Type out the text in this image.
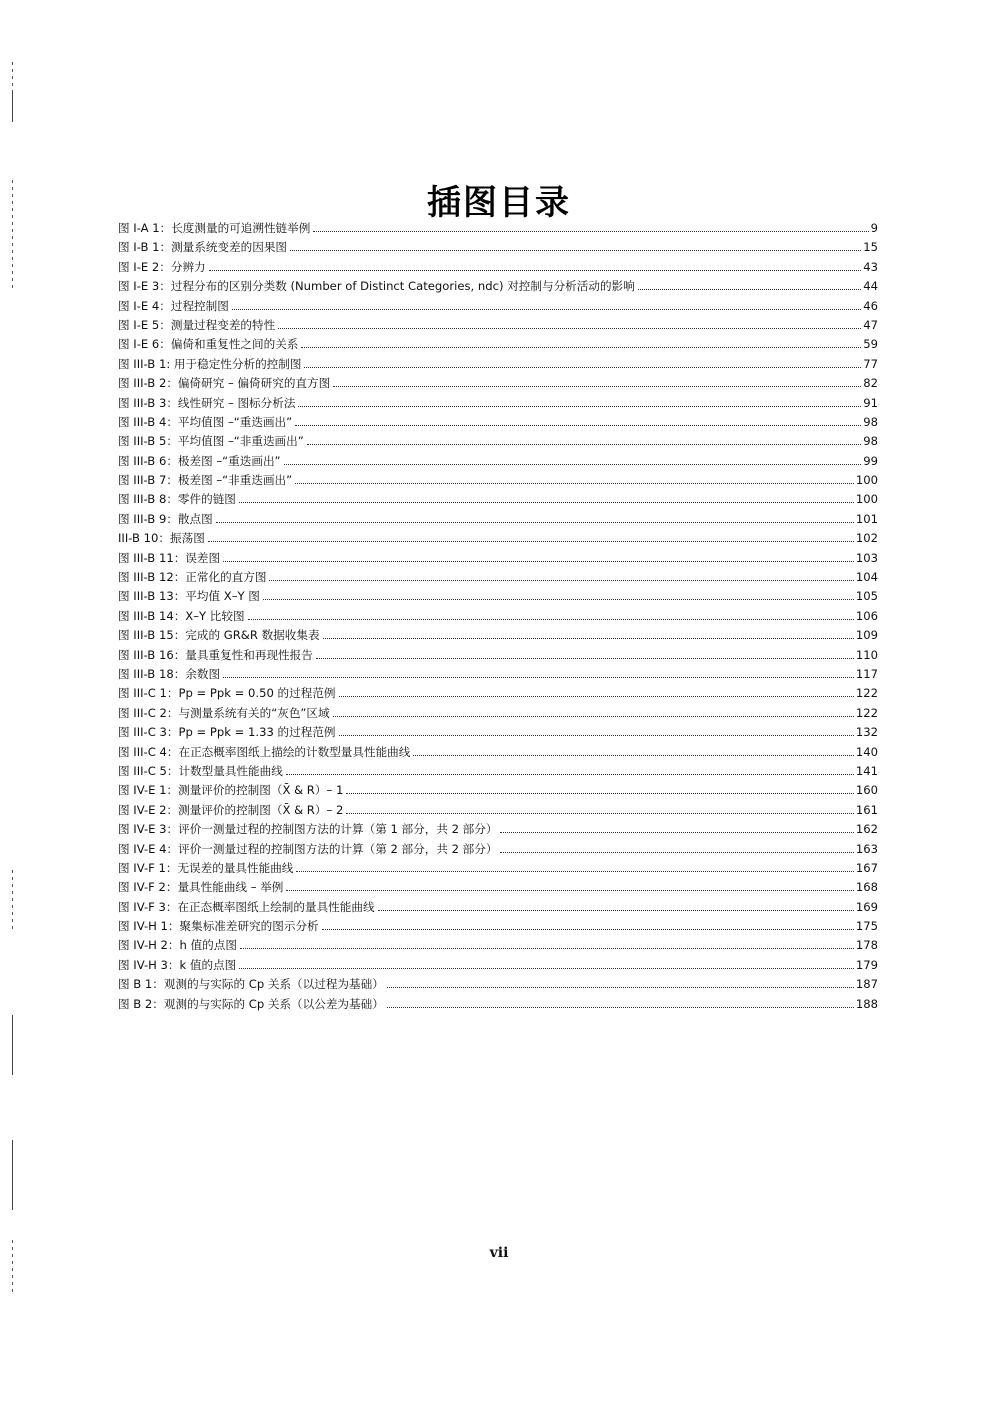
插图目录
图 I-A 1：长度测量的可追溯性链举例	9
图 I-B 1：测量系统变差的因果图	15
图 I-E 2：分辨力	43
图 I-E 3：过程分布的区别分类数 (Number of Distinct Categories, ndc) 对控制与分析活动的影响	44
图 I-E 4：过程控制图	46
图 I-E 5：测量过程变差的特性	47
图 I-E 6：偏倚和重复性之间的关系	59
图 III-B 1: 用于稳定性分析的控制图	77
图 III-B 2：偏倚研究 – 偏倚研究的直方图	82
图 III-B 3：线性研究 – 图标分析法	91
图 III-B 4：平均值图 –“重迭画出”	98
图 III-B 5：平均值图 –“非重迭画出”	98
图 III-B 6：极差图 –“重迭画出”	99
图 III-B 7：极差图 –“非重迭画出”	100
图 III-B 8：零件的链图	100
图 III-B 9：散点图	101
III-B 10：振荡图	102
图 III-B 11：误差图	103
图 III-B 12：正常化的直方图	104
图 III-B 13：平均值 X–Y 图	105
图 III-B 14：X–Y 比较图	106
图 III-B 15：完成的 GR&R 数据收集表	109
图 III-B 16：量具重复性和再现性报告	110
图 III-B 18：余数图	117
图 III-C 1：Pp = Ppk = 0.50 的过程范例	122
图 III-C 2：与测量系统有关的“灰色”区域	122
图 III-C 3：Pp = Ppk = 1.33 的过程范例	132
图 III-C 4：在正态概率图纸上描绘的计数型量具性能曲线	140
图 III-C 5：计数型量具性能曲线	141
图 IV-E 1：测量评价的控制图（X̄ & R）– 1	160
图 IV-E 2：测量评价的控制图（X̄ & R）– 2	161
图 IV-E 3：评价一测量过程的控制图方法的计算（第 1 部分，共 2 部分）	162
图 IV-E 4：评价一测量过程的控制图方法的计算（第 2 部分，共 2 部分）	163
图 IV-F 1：无误差的量具性能曲线	167
图 IV-F 2：量具性能曲线 – 举例	168
图 IV-F 3：在正态概率图纸上绘制的量具性能曲线	169
图 IV-H 1：聚集标准差研究的图示分析	175
图 IV-H 2：h 值的点图	178
图 IV-H 3：k 值的点图	179
图 B 1：观测的与实际的 Cp 关系（以过程为基础）	187
图 B 2：观测的与实际的 Cp 关系（以公差为基础）	188
vii
